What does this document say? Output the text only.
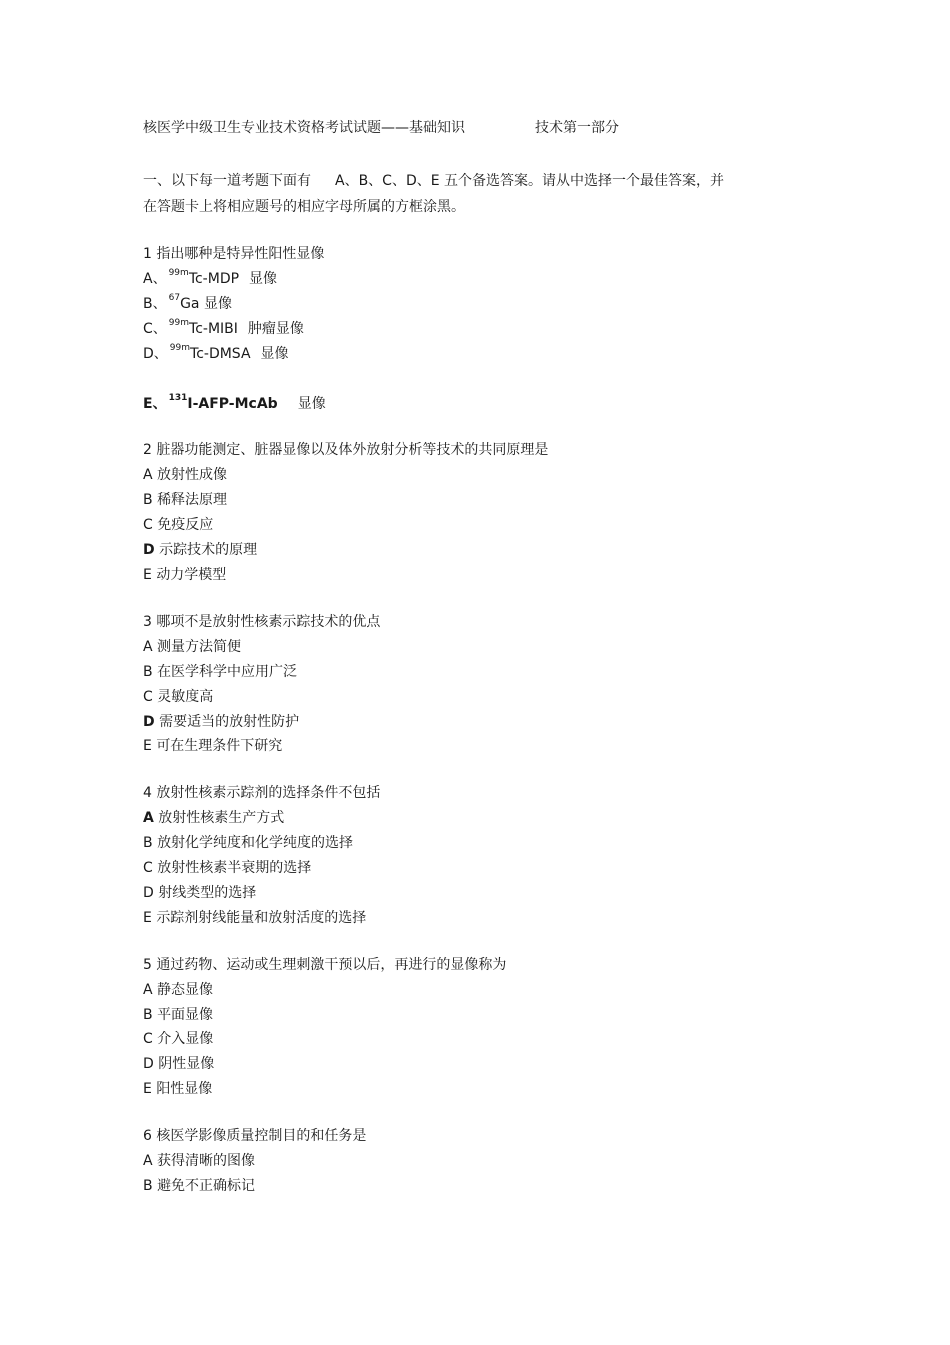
核医学中级卫生专业技术资格考试试题——基础知识	技术第一部分
一、以下每一道考题下面有 A、B、C、D、E 五个备选答案。请从中选择一个最佳答案，并
在答题卡上将相应题号的相应字母所属的方框涂黑。
1 指出哪种是特异性阳性显像
A、 $^{99m}$Tc-MDP 显像
B、 $^{67}$Ga 显像
C、 $^{99m}$Tc-MIBI 肿瘤显像
D、 $^{99m}$Tc-DMSA 显像
E、 $^{131}$I-AFP-McAb 显像
2 脏器功能测定、脏器显像以及体外放射分析等技术的共同原理是
A 放射性成像
B 稀释法原理
C 免疫反应
D 示踪技术的原理
E 动力学模型
3 哪项不是放射性核素示踪技术的优点
A 测量方法简便
B 在医学科学中应用广泛
C 灵敏度高
D 需要适当的放射性防护
E 可在生理条件下研究
4 放射性核素示踪剂的选择条件不包括
A 放射性核素生产方式
B 放射化学纯度和化学纯度的选择
C 放射性核素半衰期的选择
D 射线类型的选择
E 示踪剂射线能量和放射活度的选择
5 通过药物、运动或生理刺激干预以后，再进行的显像称为
A 静态显像
B 平面显像
C 介入显像
D 阴性显像
E 阳性显像
6 核医学影像质量控制目的和任务是
A 获得清晰的图像
B 避免不正确标记
